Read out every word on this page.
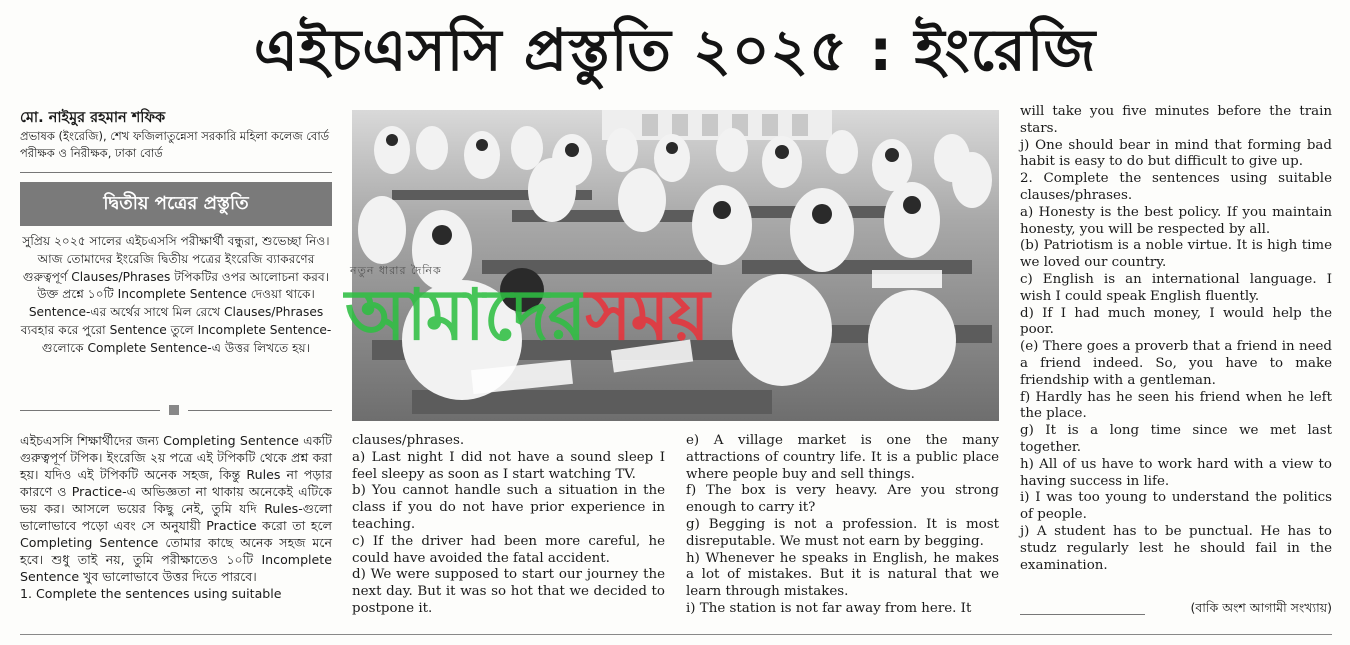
এইচএসসি প্রস্তুতি ২০২৫ : ইংরেজি
মো. নাইমুর রহমান শফিক
প্রভাষক (ইংরেজি), শেখ ফজিলাতুন্নেসা সরকারি মহিলা কলেজ বোর্ড পরীক্ষক ও নিরীক্ষক, ঢাকা বোর্ড
দ্বিতীয় পত্রের প্রস্তুতি
সুপ্রিয় ২০২৫ সালের এইচএসসি পরীক্ষার্থী বন্ধুরা, শুভেচ্ছা নিও। আজ তোমাদের ইংরেজি দ্বিতীয় পত্রের ইংরেজি ব্যাকরণের গুরুত্বপূর্ণ Clauses/Phrases টপিকটির ওপর আলোচনা করব। উক্ত প্রশ্নে ১০টি Incomplete Sentence দেওয়া থাকে। Sentence-এর অর্থের সাথে মিল রেখে Clauses/Phrases ব্যবহার করে পুরো Sentence তুলে Incomplete Sentence-গুলোকে Complete Sentence-এ উত্তর লিখতে হয়।

এইচএসসি শিক্ষার্থীদের জন্য Completing Sentence একটি গুরুত্বপূর্ণ টপিক। ইংরেজি ২য় পত্রে এই টপিকটি থেকে প্রশ্ন করা হয়। যদিও এই টপিকটি অনেক সহজ, কিন্তু Rules না পড়ার কারণে ও Practice-এ অভিজ্ঞতা না থাকায় অনেকেই এটিকে ভয় কর। আসলে ভয়ের কিছু নেই, তুমি যদি Rules-গুলো ভালোভাবে পড়ো এবং সে অনুযায়ী Practice করো তা হলে Completing Sentence তোমার কাছে অনেক সহজ মনে হবে। শুধু তাই নয়, তুমি পরীক্ষাতেও ১০টি Incomplete Sentence খুব ভালোভাবে উত্তর দিতে পারবে।

1. Complete the sentences using suitable

নতুন ধারার দৈনিক
আমাদেরসময়

clauses/phrases.

a) Last night I did not have a sound sleep I feel sleepy as soon as I start watching TV.

b) You cannot handle such a situation in the class if you do not have prior experience in teaching.

c) If the driver had been more careful, he could have avoided the fatal accident.

d) We were supposed to start our journey the next day. But it was so hot that we decided to postpone it.

e) A village market is one the many attractions of country life. It is a public place where people buy and sell things.

f) The box is very heavy. Are you strong enough to carry it?

g) Begging is not a profession. It is most disreputable. We must not earn by begging.

h) Whenever he speaks in English, he makes a lot of mistakes. But it is natural that we learn through mistakes.

i) The station is not far away from here. It

will take you five minutes before the train stars.

j) One should bear in mind that forming bad habit is easy to do but difficult to give up.

2. Complete the sentences using suitable clauses/phrases.

a) Honesty is the best policy. If you maintain honesty, you will be respected by all.

(b) Patriotism is a noble virtue. It is high time we loved our country.

c) English is an international language. I wish I could speak English fluently.

d) If I had much money, I would help the poor.

(e) There goes a proverb that a friend in need a friend indeed. So, you have to make friendship with a gentleman.

f) Hardly has he seen his friend when he left the place.

g) It is a long time since we met last together.

h) All of us have to work hard with a view to having success in life.

i) I was too young to understand the politics of people.

j) A student has to be punctual. He has to studz regularly lest he should fail in the examination.

(বাকি অংশ আগামী সংখ্যায়)
